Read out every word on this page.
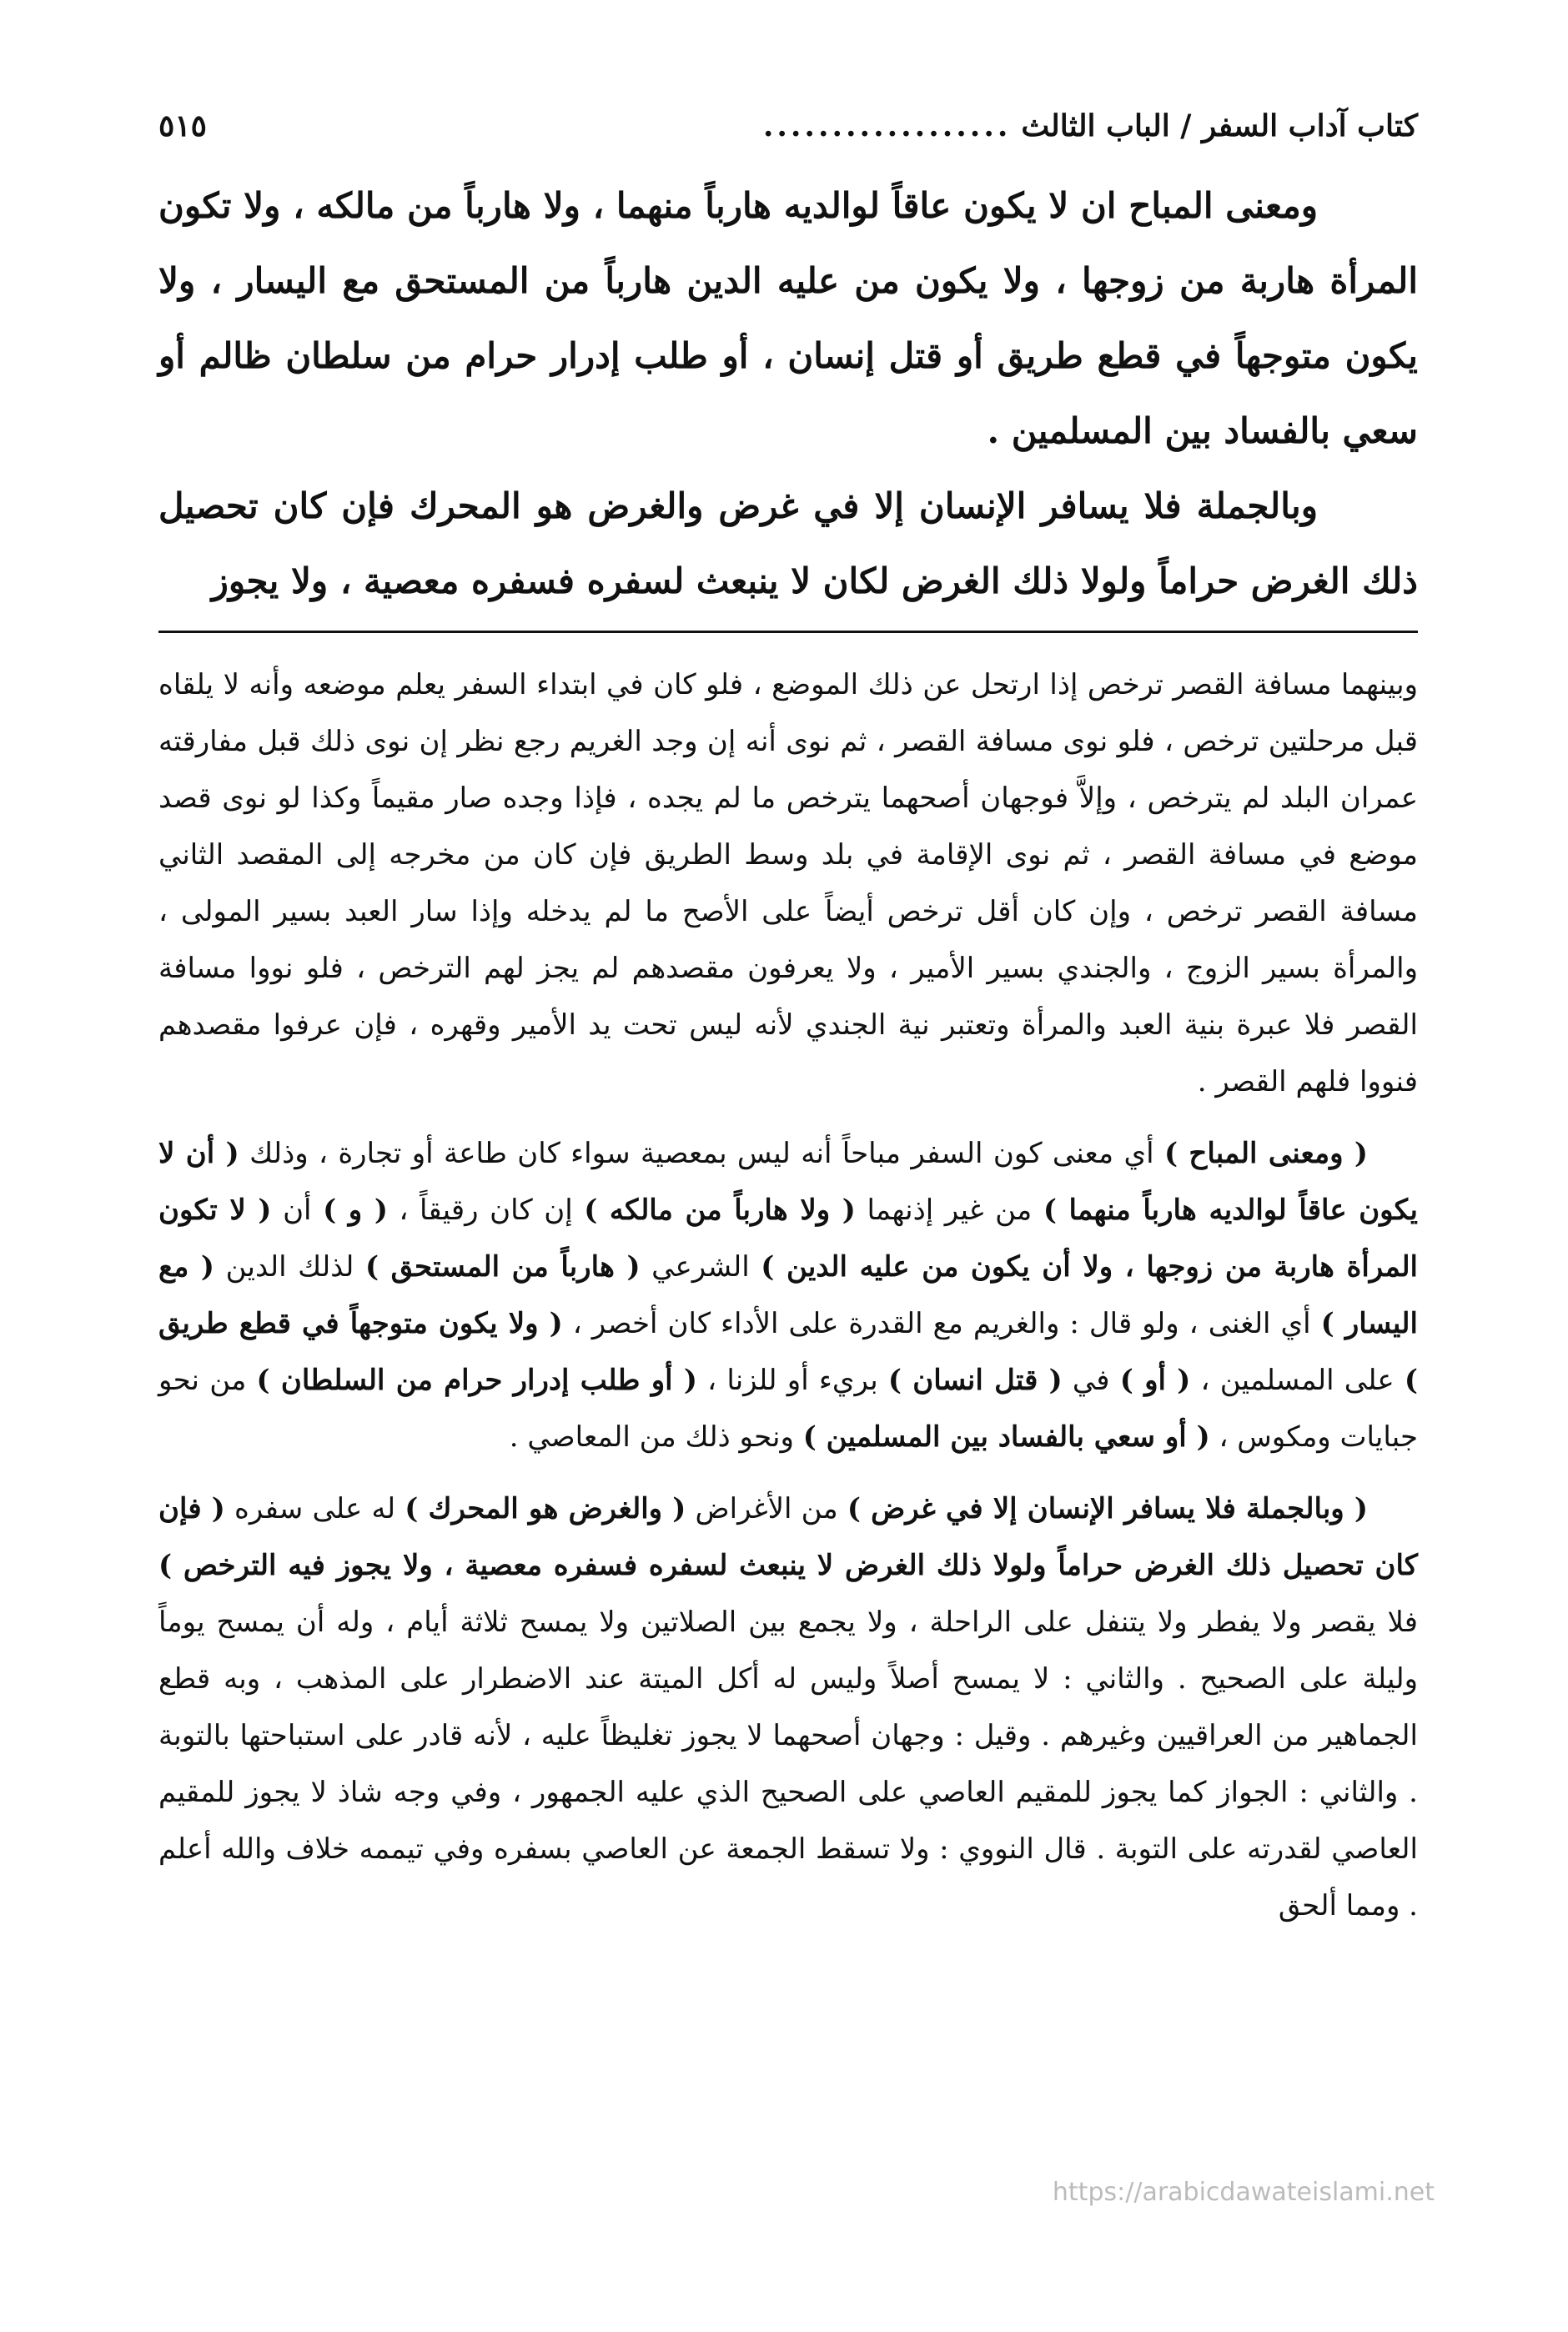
كتاب آداب السفر / الباب الثالث
..................
٥١٥

ومعنى المباح ان لا يكون عاقاً لوالديه هارباً منهما ، ولا هارباً من مالكه ، ولا تكون المرأة هاربة من زوجها ، ولا يكون من عليه الدين هارباً من المستحق مع اليسار ، ولا يكون متوجهاً في قطع طريق أو قتل إنسان ، أو طلب إدرار حرام من سلطان ظالم أو سعي بالفساد بين المسلمين .

وبالجملة فلا يسافر الإنسان إلا في غرض والغرض هو المحرك فإن كان تحصيل ذلك الغرض حراماً ولولا ذلك الغرض لكان لا ينبعث لسفره فسفره معصية ، ولا يجوز

وبينهما مسافة القصر ترخص إذا ارتحل عن ذلك الموضع ، فلو كان في ابتداء السفر يعلم موضعه وأنه لا يلقاه قبل مرحلتين ترخص ، فلو نوى مسافة القصر ، ثم نوى أنه إن وجد الغريم رجع نظر إن نوى ذلك قبل مفارقته عمران البلد لم يترخص ، وإلاَّ فوجهان أصحهما يترخص ما لم يجده ، فإذا وجده صار مقيماً وكذا لو نوى قصد موضع في مسافة القصر ، ثم نوى الإقامة في بلد وسط الطريق فإن كان من مخرجه إلى المقصد الثاني مسافة القصر ترخص ، وإن كان أقل ترخص أيضاً على الأصح ما لم يدخله وإذا سار العبد بسير المولى ، والمرأة بسير الزوج ، والجندي بسير الأمير ، ولا يعرفون مقصدهم لم يجز لهم الترخص ، فلو نووا مسافة القصر فلا عبرة بنية العبد والمرأة وتعتبر نية الجندي لأنه ليس تحت يد الأمير وقهره ، فإن عرفوا مقصدهم فنووا فلهم القصر .

( ومعنى المباح ) أي معنى كون السفر مباحاً أنه ليس بمعصية سواء كان طاعة أو تجارة ، وذلك ( أن لا يكون عاقاً لوالديه هارباً منهما ) من غير إذنهما ( ولا هارباً من مالكه ) إن كان رقيقاً ، ( و ) أن ( لا تكون المرأة هاربة من زوجها ، ولا أن يكون من عليه الدين ) الشرعي ( هارباً من المستحق ) لذلك الدين ( مع اليسار ) أي الغنى ، ولو قال : والغريم مع القدرة على الأداء كان أخصر ، ( ولا يكون متوجهاً في قطع طريق ) على المسلمين ، ( أو ) في ( قتل انسان ) بريء أو للزنا ، ( أو طلب إدرار حرام من السلطان ) من نحو جبايات ومكوس ، ( أو سعي بالفساد بين المسلمين ) ونحو ذلك من المعاصي .

( وبالجملة فلا يسافر الإنسان إلا في غرض ) من الأغراض ( والغرض هو المحرك ) له على سفره ( فإن كان تحصيل ذلك الغرض حراماً ولولا ذلك الغرض لا ينبعث لسفره فسفره معصية ، ولا يجوز فيه الترخص ) فلا يقصر ولا يفطر ولا يتنفل على الراحلة ، ولا يجمع بين الصلاتين ولا يمسح ثلاثة أيام ، وله أن يمسح يوماً وليلة على الصحيح . والثاني : لا يمسح أصلاً وليس له أكل الميتة عند الاضطرار على المذهب ، وبه قطع الجماهير من العراقيين وغيرهم . وقيل : وجهان أصحهما لا يجوز تغليظاً عليه ، لأنه قادر على استباحتها بالتوبة . والثاني : الجواز كما يجوز للمقيم العاصي على الصحيح الذي عليه الجمهور ، وفي وجه شاذ لا يجوز للمقيم العاصي لقدرته على التوبة . قال النووي : ولا تسقط الجمعة عن العاصي بسفره وفي تيممه خلاف والله أعلم . ومما ألحق

https://arabicdawateislami.net
